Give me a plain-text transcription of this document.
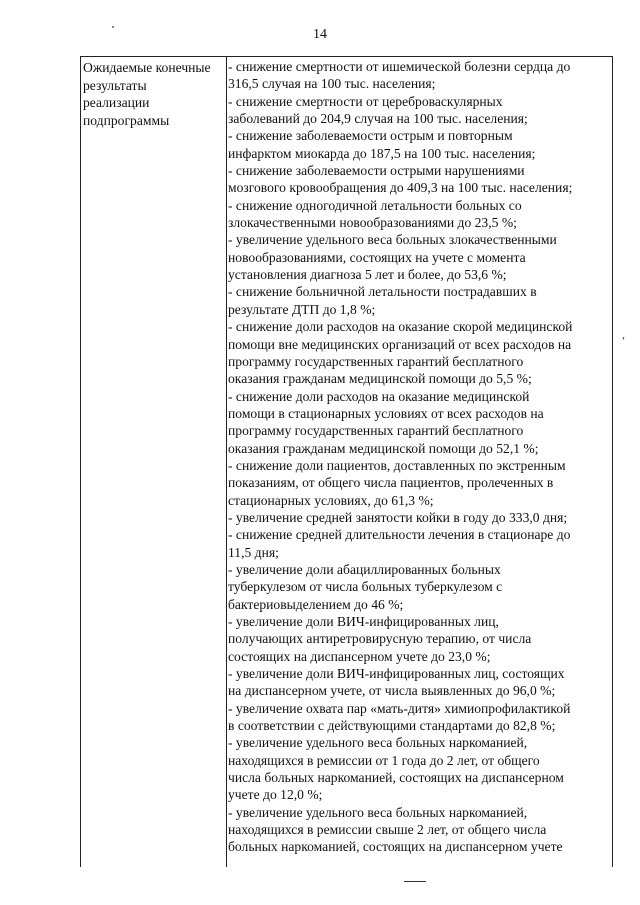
14
Ожидаемые конечные
результаты
реализации
подпрограммы

- снижение смертности от ишемической болезни сердца до
316,5 случая на 100 тыс. населения;
- снижение смертности от цереброваскулярных
заболеваний до 204,9 случая на 100 тыс. населения;
- снижение заболеваемости острым и повторным
инфарктом миокарда до 187,5 на 100 тыс. населения;
- снижение заболеваемости острыми нарушениями
мозгового кровообращения до 409,3 на 100 тыс. населения;
- снижение одногодичной летальности больных со
злокачественными новообразованиями до 23,5 %;
- увеличение удельного веса больных злокачественными
новообразованиями, состоящих на учете с момента
установления диагноза 5 лет и более, до 53,6 %;
- снижение больничной летальности пострадавших в
результате ДТП до 1,8 %;
- снижение доли расходов на оказание скорой медицинской
помощи вне медицинских организаций от всех расходов на
программу государственных гарантий бесплатного
оказания гражданам медицинской помощи до 5,5 %;
- снижение доли расходов на оказание медицинской
помощи в стационарных условиях от всех расходов на
программу государственных гарантий бесплатного
оказания гражданам медицинской помощи до 52,1 %;
- снижение доли пациентов, доставленных по экстренным
показаниям, от общего числа пациентов, пролеченных в
стационарных условиях, до 61,3 %;
- увеличение средней занятости койки в году до 333,0 дня;
- снижение средней длительности лечения в стационаре до
11,5 дня;
- увеличение доли абациллированных больных
туберкулезом от числа больных туберкулезом с
бактериовыделением до 46 %;
- увеличение доли ВИЧ-инфицированных лиц,
получающих антиретровирусную терапию, от числа
состоящих на диспансерном учете до 23,0 %;
- увеличение доли ВИЧ-инфицированных лиц, состоящих
на диспансерном учете, от числа выявленных до 96,0 %;
- увеличение охвата пар «мать-дитя» химиопрофилактикой
в соответствии с действующими стандартами до 82,8 %;
- увеличение удельного веса больных наркоманией,
находящихся в ремиссии от 1 года до 2 лет, от общего
числа больных наркоманией, состоящих на диспансерном
учете до 12,0 %;
- увеличение удельного веса больных наркоманией,
находящихся в ремиссии свыше 2 лет, от общего числа
больных наркоманией, состоящих на диспансерном учете
,
